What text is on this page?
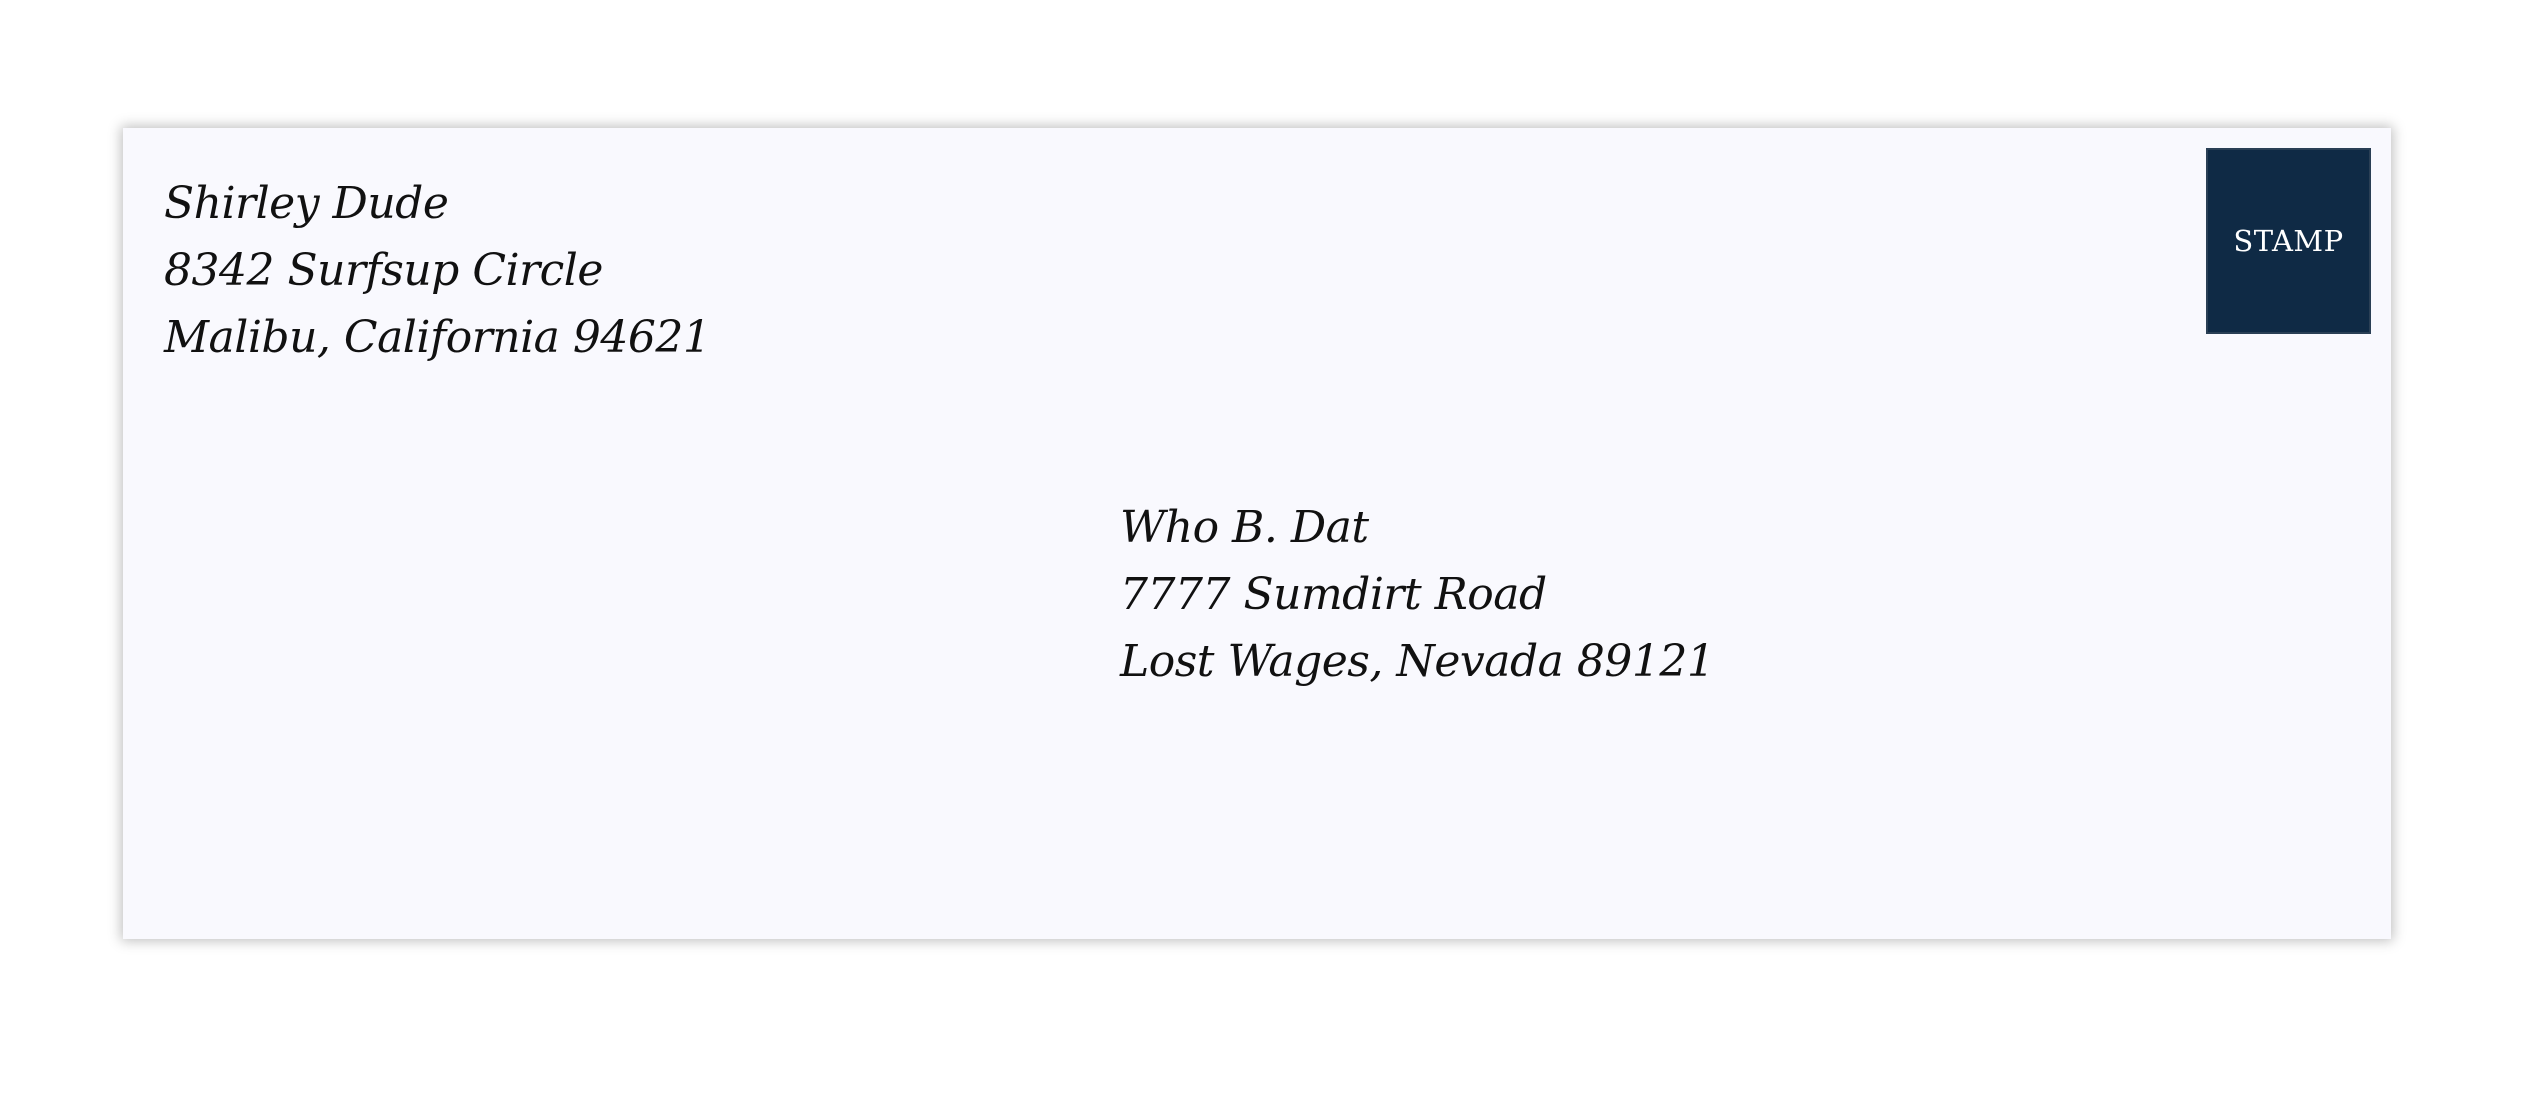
Shirley Dude
8342 Surfsup Circle
Malibu, California 94621
STAMP
Who B. Dat
7777 Sumdirt Road
Lost Wages, Nevada 89121
